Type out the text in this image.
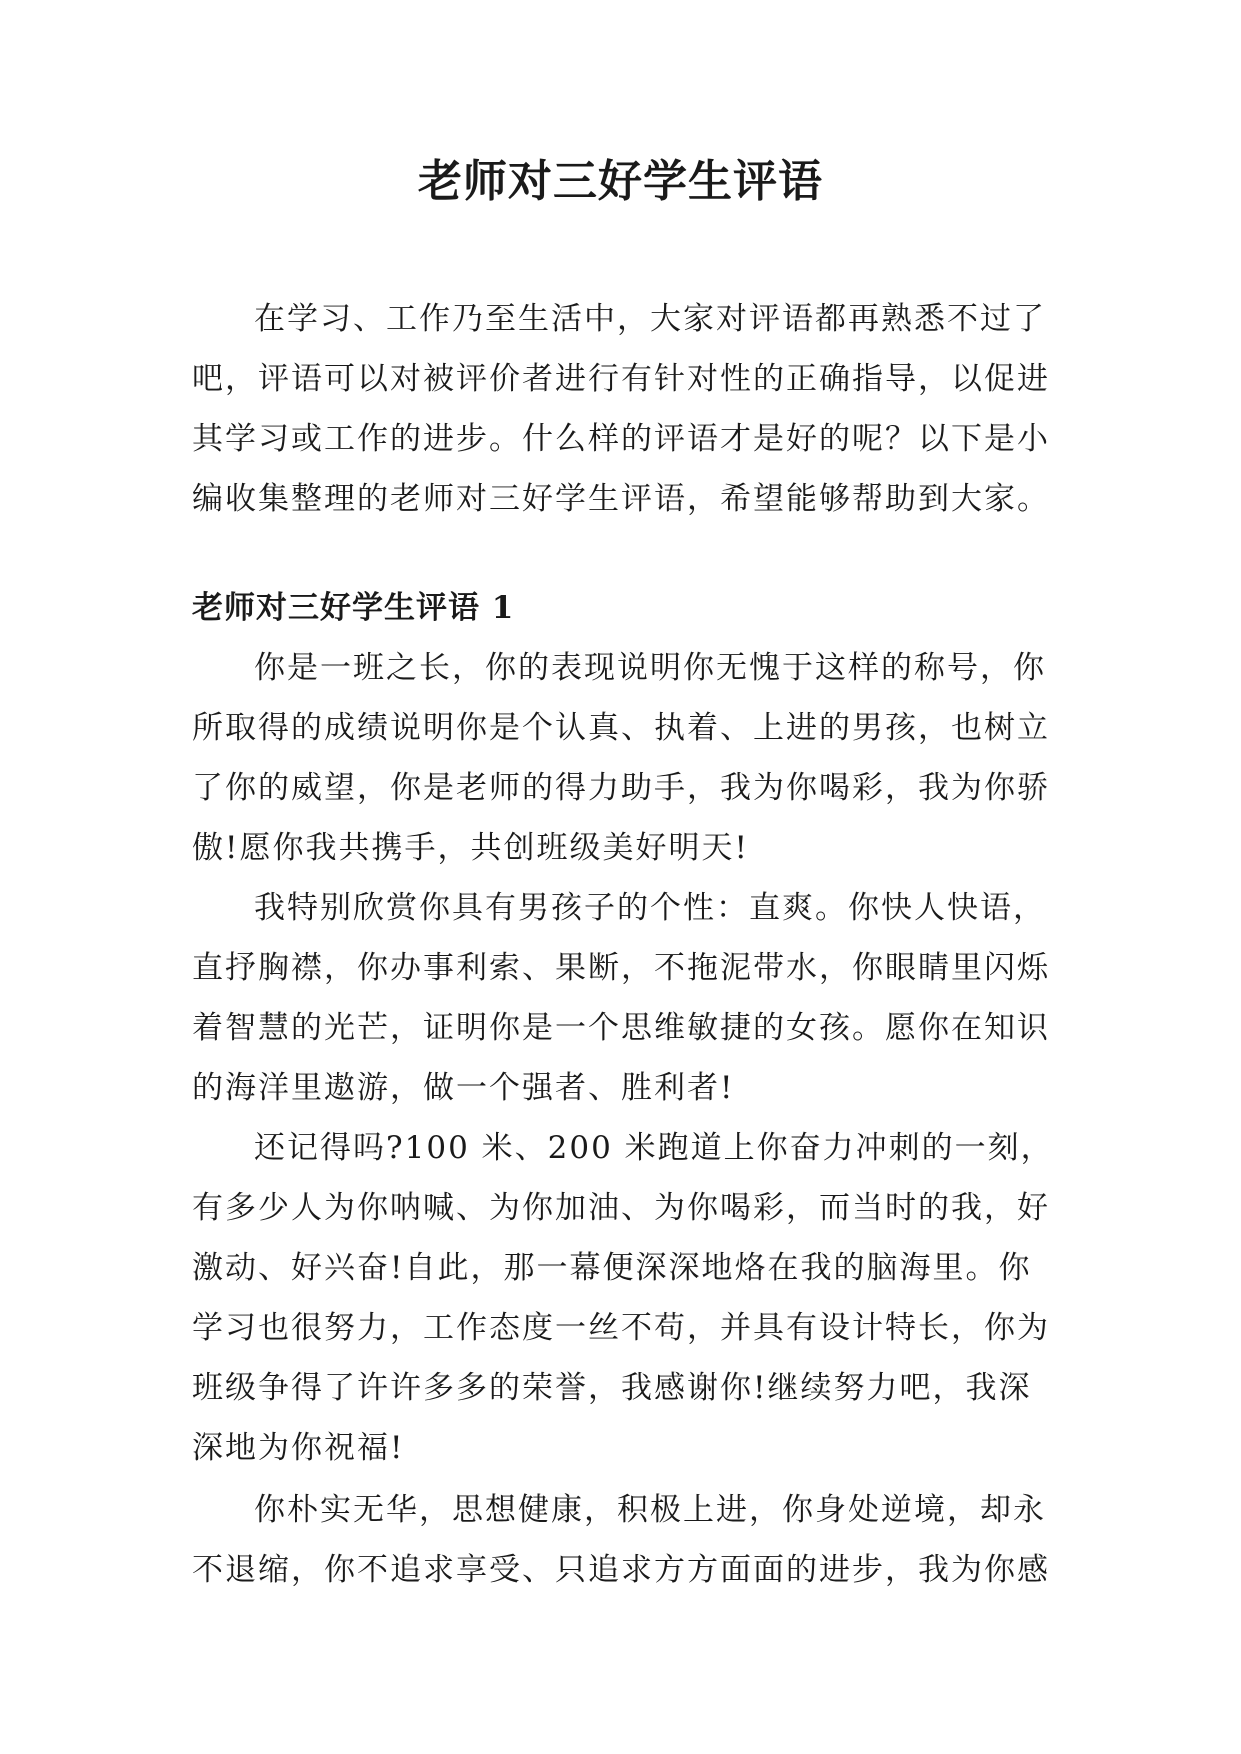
老师对三好学生评语

在学习、工作乃至生活中，大家对评语都再熟悉不过了吧，评语可以对被评价者进行有针对性的正确指导，以促进其学习或工作的进步。什么样的评语才是好的呢？以下是小编收集整理的老师对三好学生评语，希望能够帮助到大家。

老师对三好学生评语 1

你是一班之长，你的表现说明你无愧于这样的称号，你所取得的成绩说明你是个认真、执着、上进的男孩，也树立了你的威望，你是老师的得力助手，我为你喝彩，我为你骄傲!愿你我共携手，共创班级美好明天!

我特别欣赏你具有男孩子的个性：直爽。你快人快语，直抒胸襟，你办事利索、果断，不拖泥带水，你眼睛里闪烁着智慧的光芒，证明你是一个思维敏捷的女孩。愿你在知识的海洋里遨游，做一个强者、胜利者!

还记得吗?100 米、200 米跑道上你奋力冲刺的一刻，有多少人为你呐喊、为你加油、为你喝彩，而当时的我，好激动、好兴奋!自此，那一幕便深深地烙在我的脑海里。你学习也很努力，工作态度一丝不苟，并具有设计特长，你为班级争得了许许多多的荣誉，我感谢你!继续努力吧，我深深地为你祝福!

你朴实无华，思想健康，积极上进，你身处逆境，却永不退缩，你不追求享受、只追求方方面面的进步，我为你感
